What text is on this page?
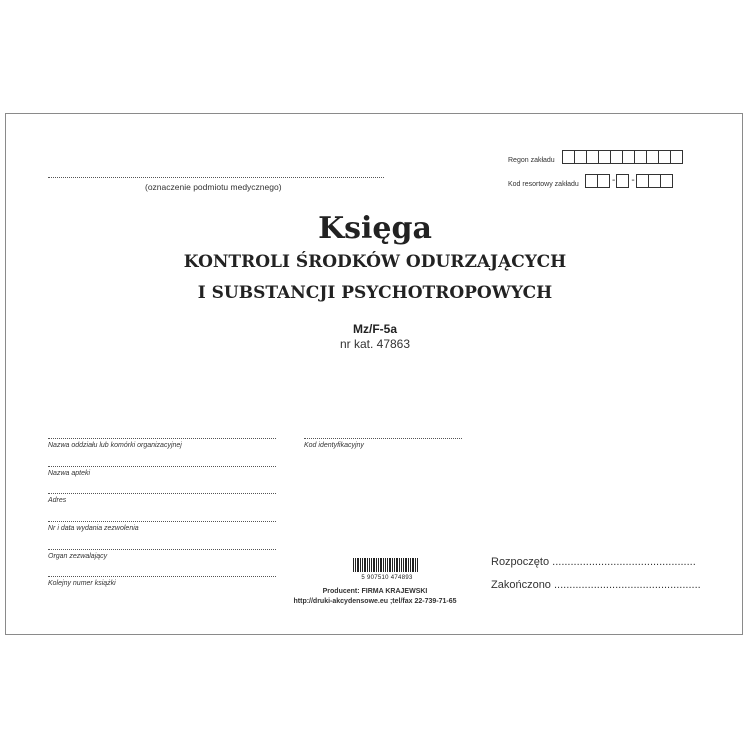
(oznaczenie podmiotu medycznego)
Regon zakładu
Kod resortowy zakładu	- -
Księga
KONTROLI ŚRODKÓW ODURZAJĄCYCH
I SUBSTANCJI PSYCHOTROPOWYCH
Mz/F-5a
nr kat. 47863
Nazwa oddziału lub komórki organizacyjnej
Nazwa apteki
Adres
Nr i data wydania zezwolenia
Organ zezwalający
Kolejny numer książki
Kod identyfikacyjny
Rozpoczęto ...............................................
Zakończono ................................................
5 907510 474893
Producent: FIRMA KRAJEWSKI
http://druki-akcydensowe.eu ;tel/fax 22-739-71-65
